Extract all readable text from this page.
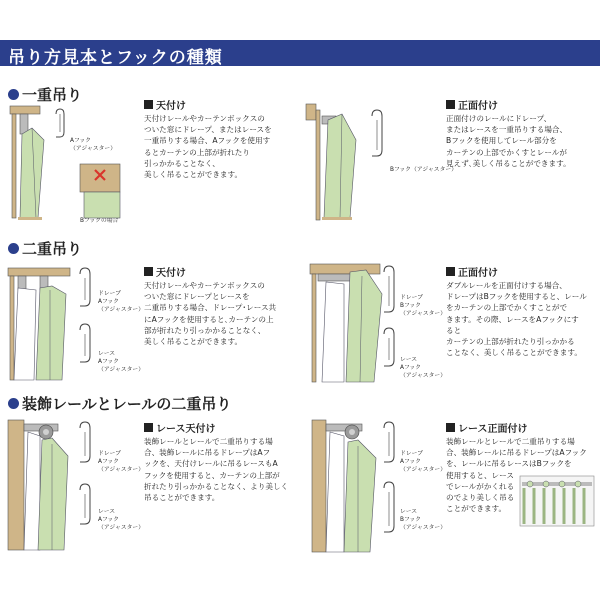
吊り方見本とフックの種類
一重吊り
二重吊り
装飾レールとレールの二重吊り
天付け	正面付け
天付け	正面付け
レース天付け	レース正面付け
天付けレールやカーテンボックスの
ついた窓にドレープ、またはレースを
一重吊りする場合、Aフックを使用す
るとカーテンの上部が折れたり
引っかかることなく、
美しく吊ることができます。
正面付けのレールにドレープ、
またはレースを一重吊りする場合、
Bフックを使用してレール部分を
カーテンの上部でかくすとレールが
見えず､美しく吊ることができます。
天付けレールやカーテンボックスの
ついた窓にドレープとレースを
二重吊りする場合、ドレープ･レース共
にAフックを使用すると､カーテンの上
部が折れたり引っかかることなく、
美しく吊ることができます。
ダブルレールを正面付けする場合、
ドレープはBフックを使用すると、レール
をカーテンの上部でかくすことがで
きます。その際、レースをAフックにす
ると
カーテンの上部が折れたり引っかかる
ことなく、美しく吊ることができます。
装飾レールとレールで二重吊りする場
合、装飾レールに吊るドレープはAフ
ックを、天付けレールに吊るレースもA
フックを使用すると、カーテンの上部が
折れたり引っかかることなく、より美しく
吊ることができます。
装飾レールとレールで二重吊りする場
合、装飾レールに吊るドレープはAフック
を、レールに吊るレースはBフックを
使用すると、レース
でレールがかくれる
のでより美しく吊る
ことができます。
Aフック
（アジャスター）
Bフックの場合
Bフック（アジャスター）
ドレープ
Aフック
（アジャスター）
レース
Aフック
（アジャスター）
ドレープ
Bフック
（アジャスター）
レース
Aフック
（アジャスター）
ドレープ
Aフック
（アジャスター）
レース
Aフック
（アジャスター）
ドレープ
Aフック
（アジャスター）
レース
Bフック
（アジャスター）
